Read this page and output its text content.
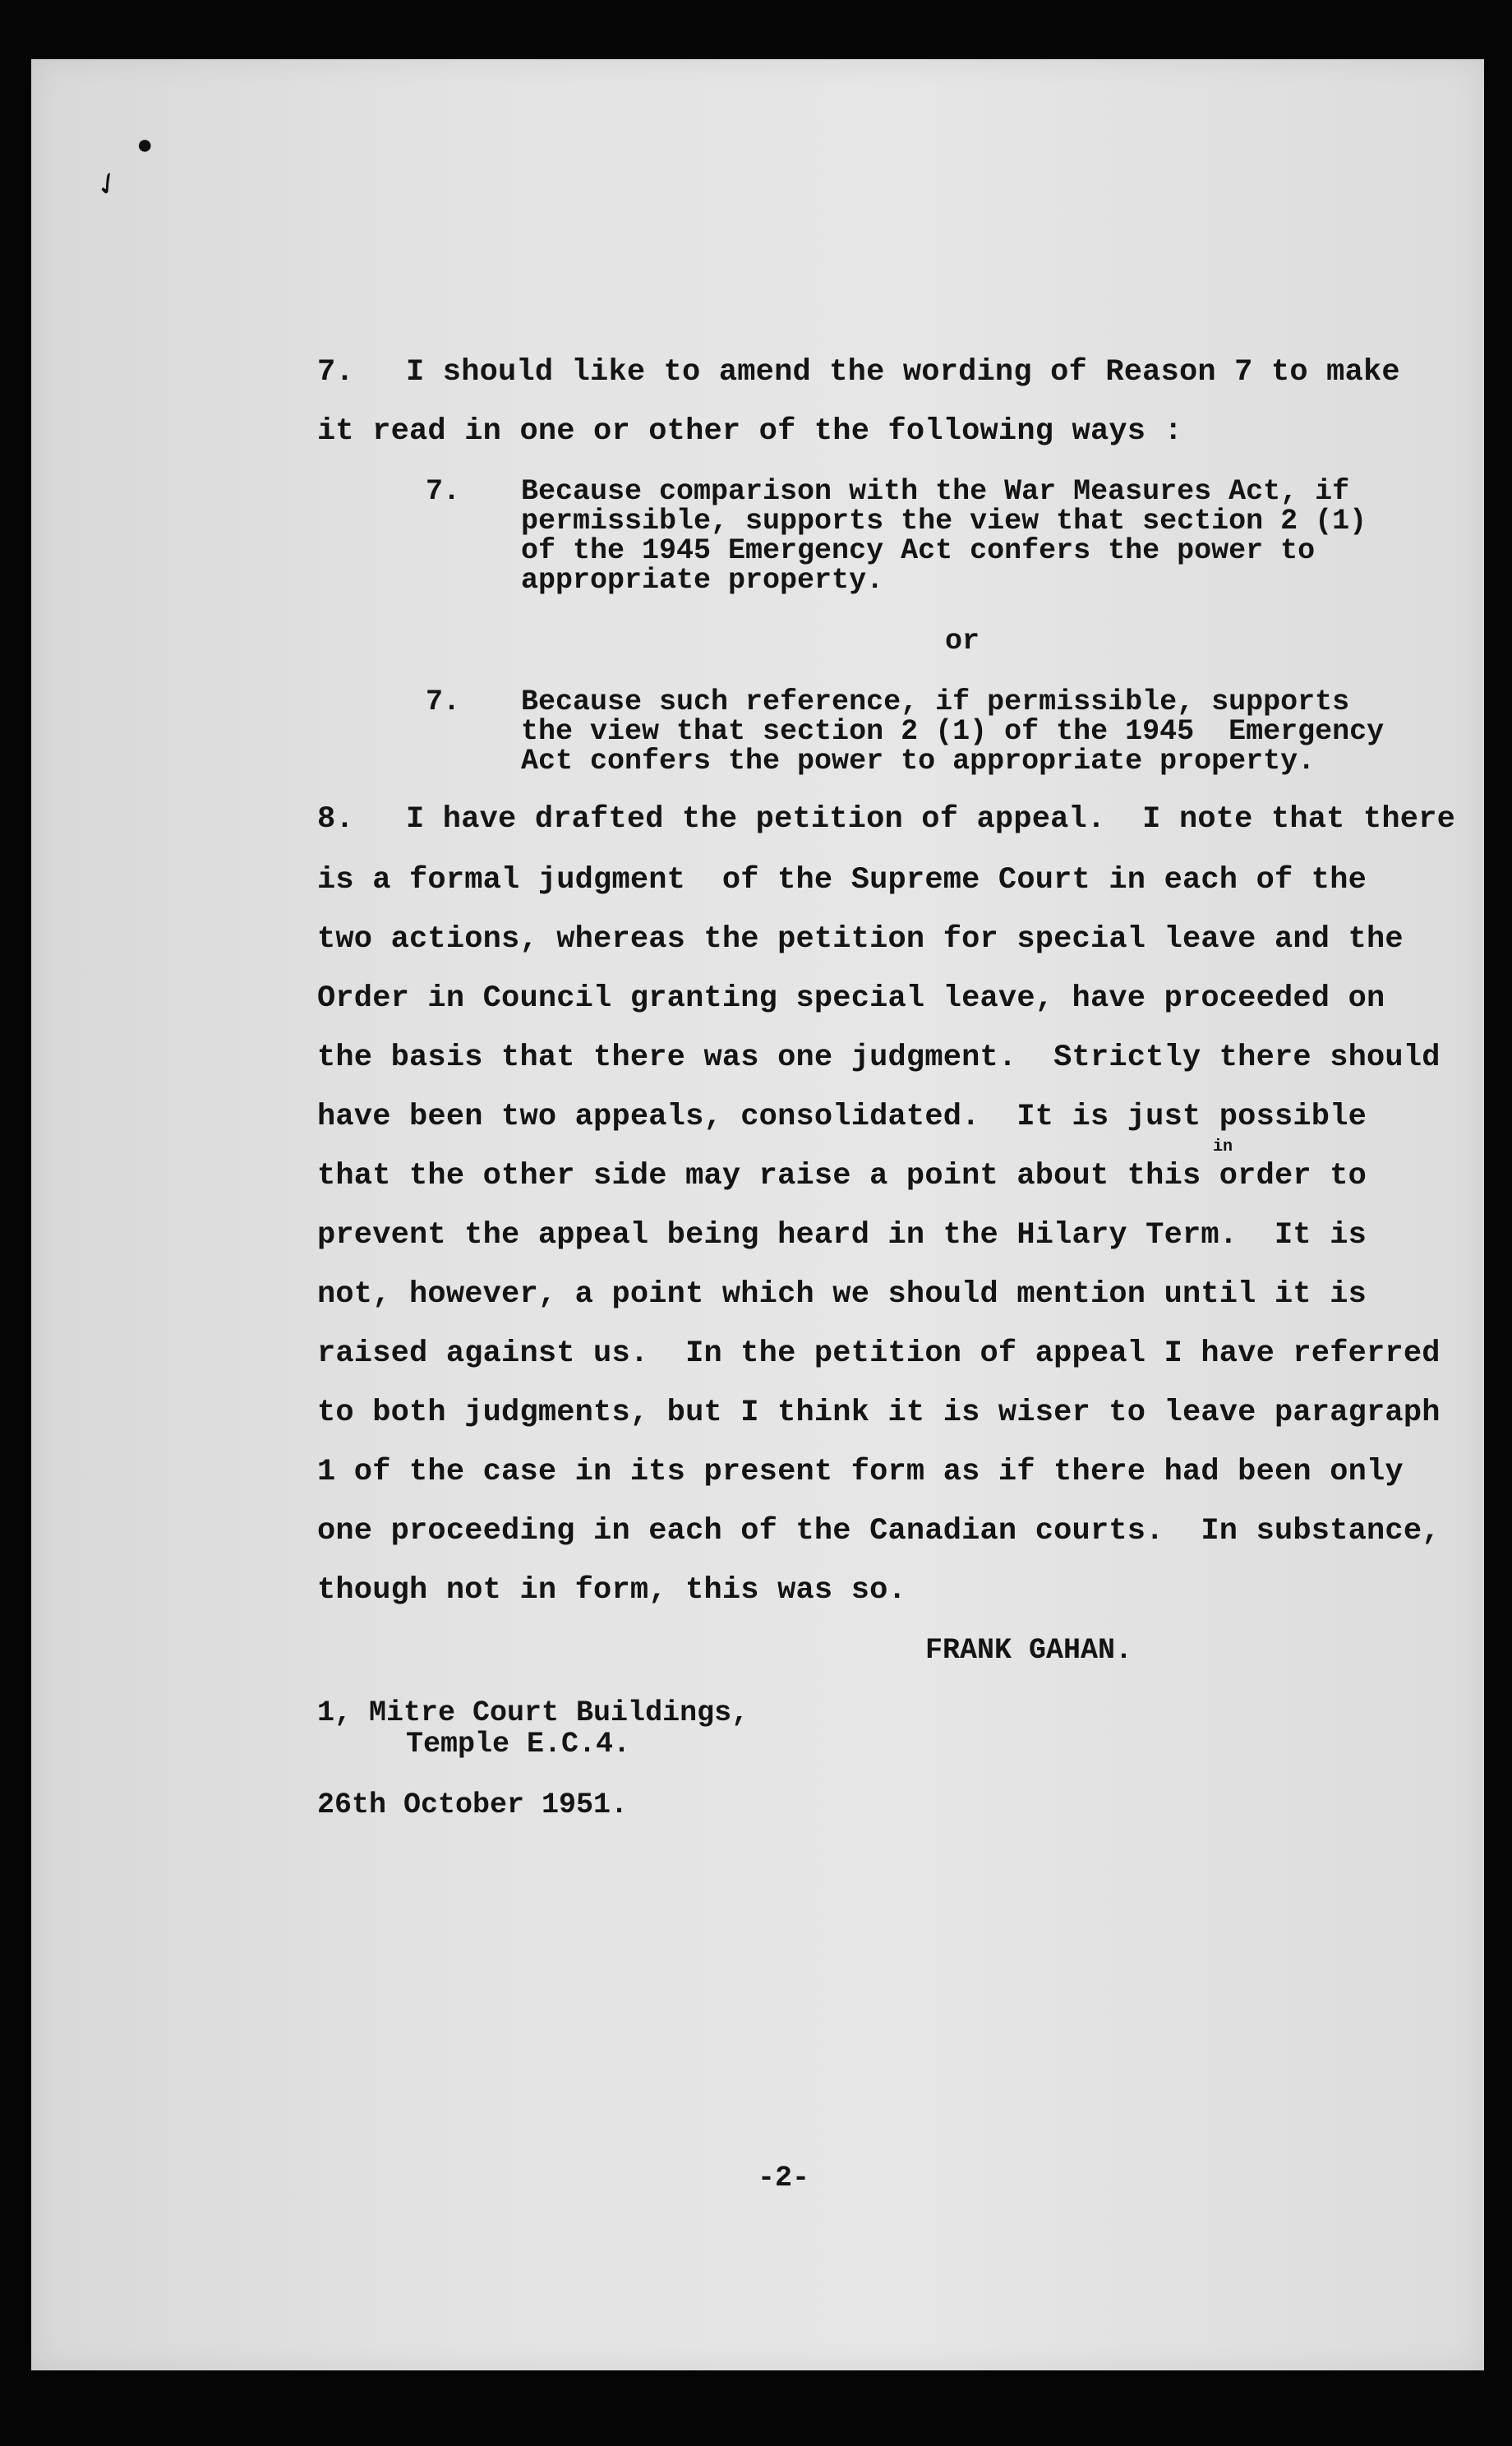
●
✓
7. I should like to amend the wording of Reason 7 to make
it read in one or other of the following ways :
7. Because comparison with the War Measures Act, if
permissible, supports the view that section 2 (1)
of the 1945 Emergency Act confers the power to
appropriate property.
or
7. Because such reference, if permissible, supports
the view that section 2 (1) of the 1945  Emergency
Act confers the power to appropriate property.
8. I have drafted the petition of appeal.  I note that there
is a formal judgment  of the Supreme Court in each of the
two actions, whereas the petition for special leave and the
Order in Council granting special leave, have proceeded on
the basis that there was one judgment.  Strictly there should
have been two appeals, consolidated.  It is just possible
in
that the other side may raise a point about this order to
prevent the appeal being heard in the Hilary Term.  It is
not, however, a point which we should mention until it is
raised against us.  In the petition of appeal I have referred
to both judgments, but I think it is wiser to leave paragraph
1 of the case in its present form as if there had been only
one proceeding in each of the Canadian courts.  In substance,
though not in form, this was so.
FRANK GAHAN.
1, Mitre Court Buildings,
Temple E.C.4.
26th October 1951.
-2-
